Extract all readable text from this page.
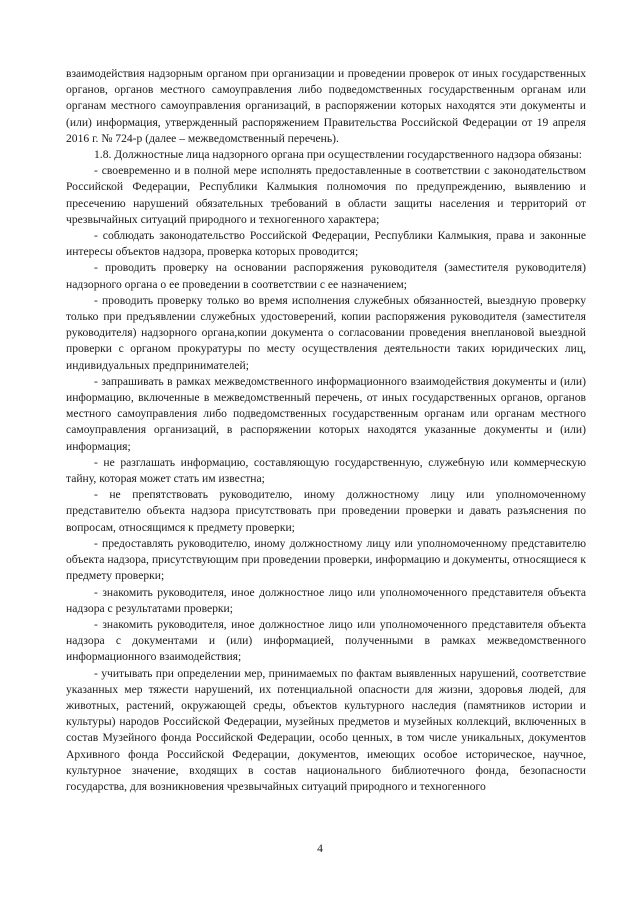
взаимодействия надзорным органом при организации и проведении проверок от иных государственных органов, органов местного самоуправления либо подведомственных государственным органам или органам местного самоуправления организаций, в распоряжении которых находятся эти документы и (или) информация, утвержденный распоряжением Правительства Российской Федерации от 19 апреля 2016 г. № 724-р (далее – межведомственный перечень).

1.8. Должностные лица надзорного органа при осуществлении государственного надзора обязаны:

- своевременно и в полной мере исполнять предоставленные в соответствии с законодательством Российской Федерации, Республики Калмыкия полномочия по предупреждению, выявлению и пресечению нарушений обязательных требований в области защиты населения и территорий от чрезвычайных ситуаций природного и техногенного характера;

- соблюдать законодательство Российской Федерации, Республики Калмыкия, права и законные интересы объектов надзора, проверка которых проводится;

- проводить проверку на основании распоряжения руководителя (заместителя руководителя) надзорного органа о ее проведении в соответствии с ее назначением;

- проводить проверку только во время исполнения служебных обязанностей, выездную проверку только при предъявлении служебных удостоверений, копии распоряжения руководителя (заместителя руководителя) надзорного органа,копии документа о согласовании проведения внеплановой выездной проверки с органом прокуратуры по месту осуществления деятельности таких юридических лиц, индивидуальных предпринимателей;

- запрашивать в рамках межведомственного информационного взаимодействия документы и (или) информацию, включенные в межведомственный перечень, от иных государственных органов, органов местного самоуправления либо подведомственных государственным органам или органам местного самоуправления организаций, в распоряжении которых находятся указанные документы и (или) информация;

- не разглашать информацию, составляющую государственную, служебную или коммерческую тайну, которая может стать им известна;

- не препятствовать руководителю, иному должностному лицу или уполномоченному представителю объекта надзора присутствовать при проведении проверки и давать разъяснения по вопросам, относящимся к предмету проверки;

- предоставлять руководителю, иному должностному лицу или уполномоченному представителю объекта надзора, присутствующим при проведении проверки, информацию и документы, относящиеся к предмету проверки;

- знакомить руководителя, иное должностное лицо или уполномоченного представителя объекта надзора с результатами проверки;

- знакомить руководителя, иное должностное лицо или уполномоченного представителя объекта надзора с документами и (или) информацией, полученными в рамках межведомственного информационного взаимодействия;

- учитывать при определении мер, принимаемых по фактам выявленных нарушений, соответствие указанных мер тяжести нарушений, их потенциальной опасности для жизни, здоровья людей, для животных, растений, окружающей среды, объектов культурного наследия (памятников истории и культуры) народов Российской Федерации, музейных предметов и музейных коллекций, включенных в состав Музейного фонда Российской Федерации, особо ценных, в том числе уникальных, документов Архивного фонда Российской Федерации, документов, имеющих особое историческое, научное, культурное значение, входящих в состав национального библиотечного фонда, безопасности государства, для возникновения чрезвычайных ситуаций природного и техногенного

4
